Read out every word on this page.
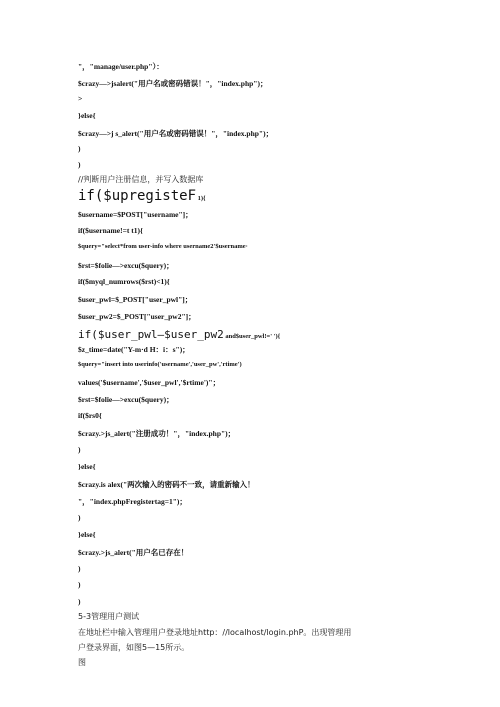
"，"manage/user.php"）：
$crazy—>jsalert("用户名或密码错误！"，"index.php")；
>
}else{
$crazy—>j s_alert("用户名或密码错误！"，"index.php")；
)
)
//判断用户注册信息，并写入数据库
if($upregisteF 1){
$username=$POST["username"]；
if($username!=t t1){
$query="select*from user-info where username2'$username·
$rst=$folie—>excu($query)；
if($myql_numrows($rst)<1){
$user_pwl=$_POST["user_pwl"]；
$user_pw2=$_POST["user_pw2"]；
if($user_pwl—$user_pw2 and$user_pwl!=' '){
$z_time=date("Y-m·d H：i：s")；
$query="insert into userinfo('username','user_pw','rtime')
values('$username','$user_pwl','$rtime')"；
$rst=$folie—>excu($query)；
if($rs0{
$crazy.>js_alert("注册成功！"，"index.php")；
)
}else{
$crazy.is alex("两次输入的密码不一致，请重新输入！
"，"index.phpFregistertag=1")；
)
}else{
$crazy.>js_alert("用户名已存在！
)
)
)
5-3管理用户测试
在地址栏中输入管理用户登录地址http：//localhost/login.phP。出现管理用
户登录界面，如图5—15所示。
图
